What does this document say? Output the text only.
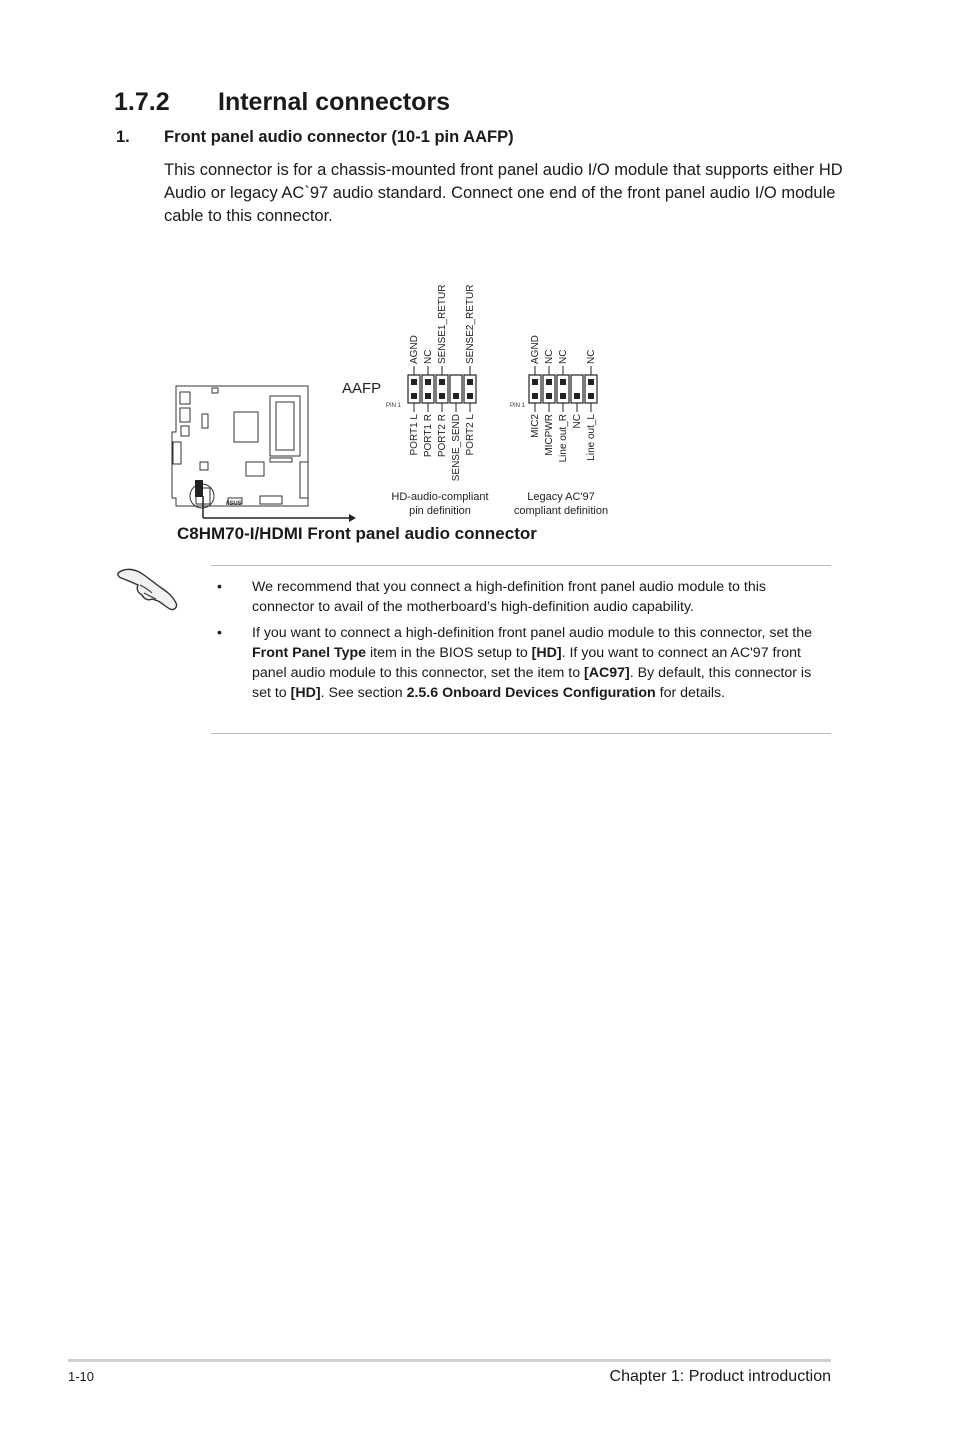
1.7.2 Internal connectors
1. Front panel audio connector (10-1 pin AAFP)
This connector is for a chassis-mounted front panel audio I/O module that supports either HD Audio or legacy AC`97 audio standard. Connect one end of the front panel audio I/O module cable to this connector.
/ISUS
AAFP
PIN 1
AGND NC SENSE1_RETUR SENSE2_RETUR
PORT1 L PORT1 R PORT2 R SENSE_SEND PORT2 L
HD-audio-compliant
pin definition
PIN 1
AGND NC NC NC
MIC2 MICPWR Line out_R NC Line out_L
Legacy AC'97
compliant definition
C8HM70-I/HDMI Front panel audio connector
• We recommend that you connect a high-definition front panel audio module to this connector to avail of the motherboard’s high-definition audio capability.
• If you want to connect a high-definition front panel audio module to this connector, set the Front Panel Type item in the BIOS setup to [HD]. If you want to connect an AC'97 front panel audio module to this connector, set the item to [AC97]. By default, this connector is set to [HD]. See section 2.5.6 Onboard Devices Configuration for details.
1-10	Chapter 1: Product introduction
